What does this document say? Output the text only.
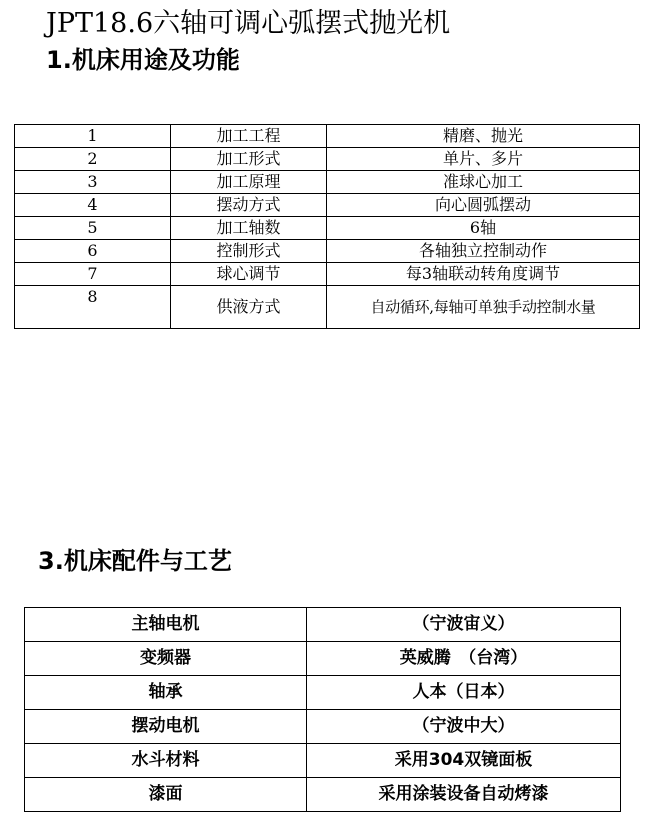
JPT18.6六轴可调心弧摆式抛光机
1.机床用途及功能
1	加工工程	精磨、抛光
2	加工形式	单片、多片
3	加工原理	准球心加工
4	摆动方式	向心圆弧摆动
5	加工轴数	6轴
6	控制形式	各轴独立控制动作
7	球心调节	每3轴联动转角度调节
8	供液方式	自动循环,每轴可单独手动控制水量
3.机床配件与工艺
主轴电机	（宁波宙义）
变频器	英威腾　（台湾）
轴承	人本（日本）
摆动电机	（宁波中大）
水斗材料	采用304双镜面板
漆面	采用涂装设备自动烤漆
